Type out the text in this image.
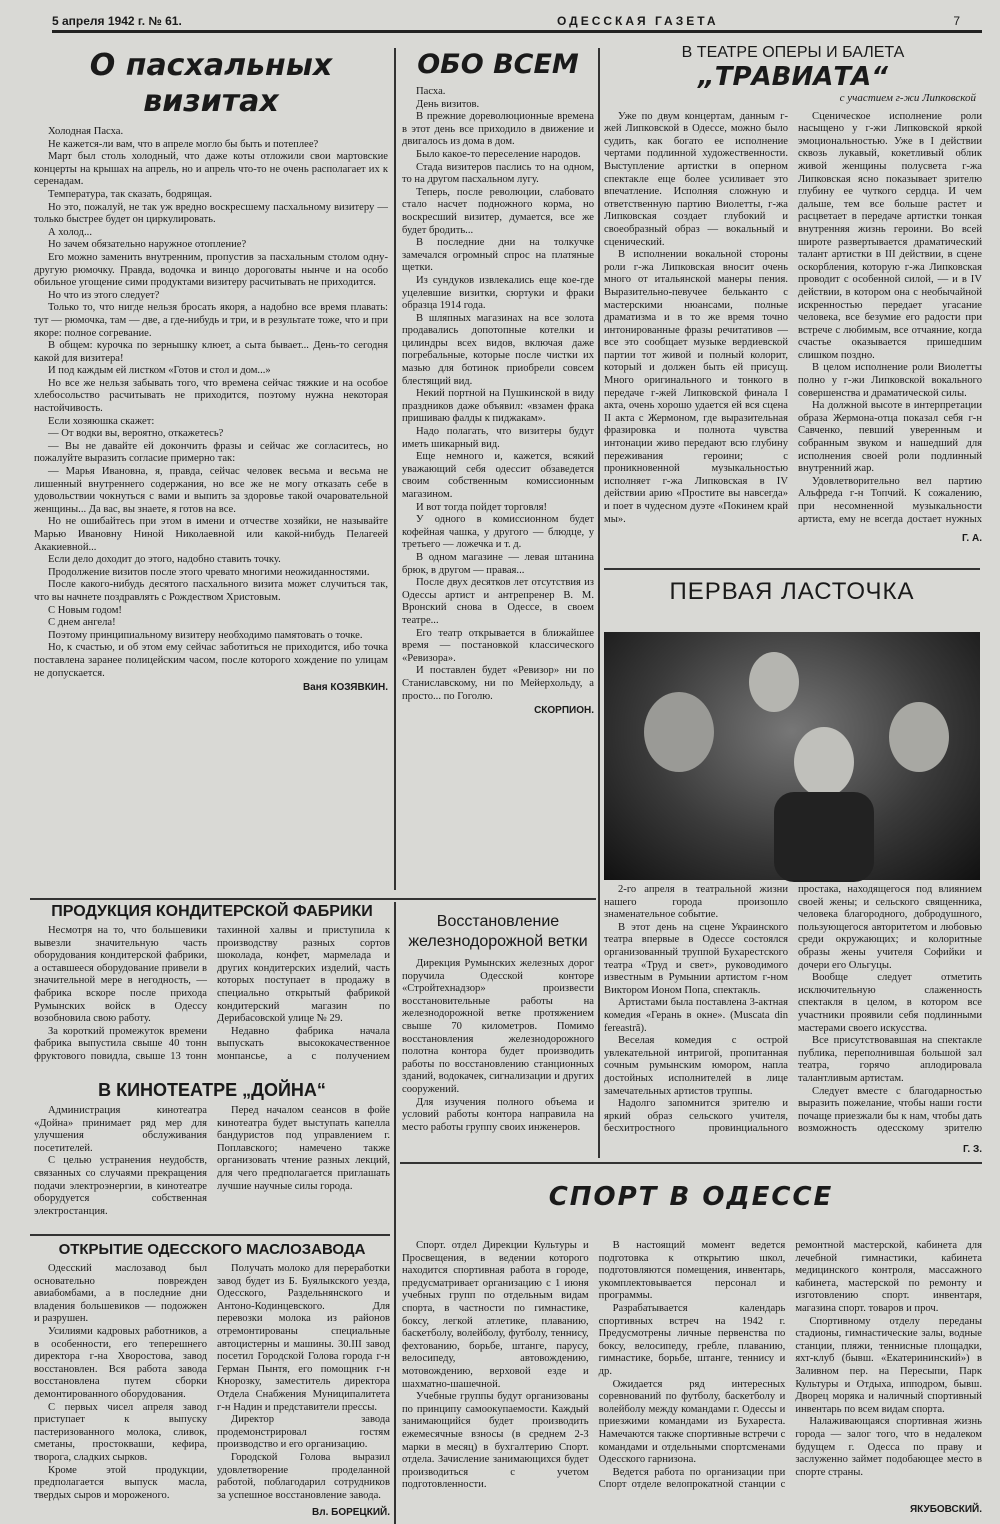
5 апреля 1942 г. № 61.	ОДЕССКАЯ ГАЗЕТА	7
О пасхальных визитах

Холодная Пасха.

Не кажется-ли вам, что в апреле могло бы быть и потеплее?

Март был столь холодный, что даже коты отложили свои мартовские концерты на крышах на апрель, но и апрель что-то не очень располагает их к серенадам.

Температура, так сказать, бодрящая.

Но это, пожалуй, не так уж вредно воскресшему пасхальному визитеру — только быстрее будет он циркулировать.

А холод...

Но зачем обязательно наружное отопление?

Его можно заменить внутренним, пропустив за пасхальным столом одну-другую рюмочку. Правда, водочка и винцо дороговаты нынче и на особо обильное угощение сими продуктами визитеру расчитывать не приходится.

Но что из этого следует?

Только то, что нигде нельзя бросать якоря, а надобно все время плавать: тут — рюмочка, там — две, а где-нибудь и три, и в результате тоже, что и при якоре: полное согревание.

В общем: курочка по зернышку клюет, а сыта бывает... День-то сегодня какой для визитера!

И под каждым ей листком «Готов и стол и дом...»

Но все же нельзя забывать того, что времена сейчас тяжкие и на особое хлебосольство расчитывать не приходится, поэтому нужна некоторая настойчивость.

Если хозяюшка скажет:

— От водки вы, вероятно, откажетесь?

— Вы не давайте ей докончить фразы и сейчас же согласитесь, но пожалуйте выразить согласие примерно так:

— Марья Ивановна, я, правда, сейчас человек весьма и весьма не лишенный внутреннего содержания, но все же не могу отказать себе в удовольствии чокнуться с вами и выпить за здоровье такой очаровательной женщины... Да вас, вы знаете, я готов на все.

Но не ошибайтесь при этом в имени и отчестве хозяйки, не называйте Марью Ивановну Ниной Николаевной или какой-нибудь Пелагеей Акакиевной...

Если дело доходит до этого, надобно ставить точку.

Продолжение визитов после этого чревато многими неожиданностями.

После какого-нибудь десятого пасхального визита может случиться так, что вы начнете поздравлять с Рождеством Христовым.

С Новым годом!

С днем ангела!

Поэтому принципиальному визитеру необходимо памятовать о точке.

Но, к счастью, и об этом ему сейчас заботиться не приходится, ибо точка поставлена заранее полицейским часом, после которого хождение по улицам не допускается.

Ваня КОЗЯВКИН.
ОБО ВСЕМ

Пасха.

День визитов.

В прежние дореволюционные времена в этот день все приходило в движение и двигалось из дома в дом.

Было какое-то переселение народов.

Стада визитеров паслись то на одном, то на другом пасхальном лугу.

Теперь, после революции, слабовато стало насчет подножного корма, но воскресший визитер, думается, все же будет бродить...

В последние дни на толкучке замечался огромный спрос на платяные щетки.

Из сундуков извлекались еще кое-где уцелевшие визитки, сюртуки и фраки образца 1914 года.

В шляпных магазинах на все золота продавались допотопные котелки и цилиндры всех видов, включая даже погребальные, которые после чистки их мазью для ботинок приобрели совсем блестящий вид.

Некий портной на Пушкинской в виду праздников даже объявил: «взамен фрака пришиваю фалды к пиджакам».

Надо полагать, что визитеры будут иметь шикарный вид.

Еще немного и, кажется, всякий уважающий себя одессит обзаведется своим собственным комиссионным магазином.

И вот тогда пойдет торговля!

У одного в комиссионном будет кофейная чашка, у другого — блюдце, у третьего — ложечка и т. д.

В одном магазине — левая штанина брюк, в другом — правая...

После двух десятков лет отсутствия из Одессы артист и антрепренер В. М. Вронский снова в Одессе, в своем театре...

Его театр открывается в ближайшее время — постановкой классического «Ревизора».

И поставлен будет «Ревизор» ни по Станиславскому, ни по Мейерхольду, а просто... по Гоголю.

СКОРПИОН.
В ТЕАТРЕ ОПЕРЫ И БАЛЕТА
„ТРАВИАТА“
с участием г-жи Липковской

Уже по двум концертам, данным г-жей Липковской в Одессе, можно было судить, как богато ее исполнение чертами подлинной художественности. Выступление артистки в оперном спектакле еще более усиливает это впечатление. Исполняя сложную и ответственную партию Виолетты, г-жа Липковская создает глубокий и своеобразный образ — вокальный и сценический.

В исполнении вокальной стороны роли г-жа Липковская вносит очень много от итальянской манеры пения. Выразительно-певучее бельканто с мастерскими нюансами, полные драматизма и в то же время точно интонированные фразы речитативов — все это сообщает музыке вердиевской партии тот живой и полный колорит, который и должен быть ей присущ. Много оригинального и тонкого в передаче г-жей Липковской финала I акта, очень хорошо удается ей вся сцена II акта с Жермоном, где выразительная фразировка и полнота чувства интонации живо передают всю глубину переживания героини; с проникновенной музыкальностью исполняет г-жа Липковская в IV действии арию «Простите вы навсегда» и поет в чудесном дуэте «Покинем край мы».

Сценическое исполнение роли насыщено у г-жи Липковской яркой эмоциональностью. Уже в I действии сквозь лукавый, кокетливый облик живой женщины полусвета г-жа Липковская ясно показывает зрителю глубину ее чуткого сердца. И чем дальше, тем все больше растет и расцветает в передаче артистки тонкая внутренняя жизнь героини. Во всей широте развертывается драматический талант артистки в III действии, в сцене оскорбления, которую г-жа Липковская проводит с особенной силой, — и в IV действии, в котором она с необычайной искренностью передает угасание человека, все безумие его радости при встрече с любимым, все отчаяние, когда счастье оказывается пришедшим слишком поздно.

В целом исполнение роли Виолетты полно у г-жи Липковской вокального совершенства и драматической силы.

На должной высоте в интерпретации образа Жермона-отца показал себя г-н Савченко, певший уверенным и собранным звуком и нашедший для исполнения своей роли подлинный внутренний жар.

Удовлетворительно вел партию Альфреда г-н Топчий. К сожалению, при несомненной музыкальности артиста, ему не всегда достает нужных

Г. А.
ПЕРВАЯ ЛАСТОЧКА

2-го апреля в театральной жизни нашего города произошло знаменательное событие.

В этот день на сцене Украинского театра впервые в Одессе состоялся организованный труппой Бухарестского театра «Труд и свет», руководимого известным в Румынии артистом г-ном Виктором Ионом Попа, спектакль.

Артистами была поставлена 3-актная комедия «Герань в окне». (Muscata din fereastră).

Веселая комедия с острой увлекательной интригой, пропитанная сочным румынским юмором, напла достойных исполнителей в лице замечательных артистов труппы.

Надолго запомнится зрителю и яркий образ сельского учителя, бесхитростного провинциального простака, находящегося под влиянием своей жены; и сельского священника, человека благородного, добродушного, пользующегося авторитетом и любовью среди окружающих; и колоритные образы жены учителя Софийки и дочери его Ольгуцы.

Вообще следует отметить исключительную слаженность спектакля в целом, в котором все участники проявили себя подлинными мастерами своего искусства.

Все присутствовавшая на спектакле публика, переполнившая большой зал театра, горячо аплодировала талантливым артистам.

Следует вместе с благодарностью выразить пожелание, чтобы наши гости почаще приезжали бы к нам, чтобы дать возможность одесскому зрителю

Г. З.
ПРОДУКЦИЯ КОНДИТЕРСКОЙ ФАБРИКИ

Несмотря на то, что большевики вывезли значительную часть оборудования кондитерской фабрики, а оставшееся оборудование привели в значительной мере в негодность, — фабрика вскоре после прихода Румынских войск в Одессу возобновила свою работу.

За короткий промежуток времени фабрика выпустила свыше 40 тонн фруктового повидла, свыше 13 тонн тахинной халвы и приступила к производству разных сортов шоколада, конфет, мармелада и других кондитерских изделий, часть которых поступает в продажу в специально открытый фабрикой кондитерский магазин по Дерибасовской улице № 29.

Недавно фабрика начала выпускать высококачественное монпансье, а с получением

В КИНОТЕАТРЕ „ДОЙНА“

Администрация кинотеатра «Дойна» принимает ряд мер для улучшения обслуживания посетителей.

С целью устранения неудобств, связанных со случаями прекращения подачи электроэнергии, в кинотеатре оборудуется собственная электростанция.

Перед началом сеансов в фойе кинотеатра будет выступать капелла бандуристов под управлением г. Поплавского; намечено также организовать чтение разных лекций, для чего предполагается приглашать лучшие научные силы города.

Восстановление железнодорожной ветки

Дирекция Румынских железных дорог поручила Одесской конторе «Стройтехнадзор» произвести восстановительные работы на железнодорожной ветке протяжением свыше 70 километров. Помимо восстановления железнодорожного полотна контора будет производить работы по восстановлению станционных зданий, водокачек, сигнализации и других сооружений.

Для изучения полного объема и условий работы контора направила на место работы группу своих инженеров.

СПОРТ В ОДЕССЕ
ОТКРЫТИЕ ОДЕССКОГО МАСЛОЗАВОДА

Одесский маслозавод был основательно поврежден авиабомбами, а в последние дни владения большевиков — подожжен и разрушен.

Усилиями кадровых работников, а в особенности, его теперешнего директора г-на Хворостова, завод восстановлен. Вся работа завода восстановлена путем сборки демонтированного оборудования.

С первых чисел апреля завод приступает к выпуску пастеризованного молока, сливок, сметаны, простокваши, кефира, творога, сладких сырков.

Кроме этой продукции, предполагается выпуск масла, твердых сыров и мороженого.

Получать молоко для переработки завод будет из Б. Буялыкского уезда, Одесского, Раздельнянского и Антоно-Кодинцевского. Для перевозки молока из районов отремонтированы специальные автоцистерны и машины. 30.III завод посетил Городской Голова города г-н Герман Пынтя, его помощник г-н Кнорозку, заместитель директора Отдела Снабжения Муниципалитета г-н Надин и представители прессы.

Директор завода продемонстрировал гостям производство и его организацию.

Городской Голова выразил удовлетворение проделанной работой, поблагодарил сотрудников за успешное восстановление завода.

Вл. БОРЕЦКИЙ.

Спорт. отдел Дирекции Культуры и Просвещения, в ведении которого находится спортивная работа в городе, предусматривает организацию с 1 июня учебных групп по отдельным видам спорта, в частности по гимнастике, боксу, легкой атлетике, плаванию, баскетболу, волейболу, футболу, теннису, фехтованию, борьбе, штанге, парусу, велосипеду, автовождению, мотовождению, верховой езде и шахматно-шашечной.

Учебные группы будут организованы по принципу самоокупаемости. Каждый занимающийся будет производить ежемесячные взносы (в среднем 2-3 марки в месяц) в бухгалтерию Спорт. отдела. Зачисление занимающихся будет производиться с учетом подготовленности.

В настоящий момент ведется подготовка к открытию школ, подготовляются помещения, инвентарь, укомплектовывается персонал и программы.

Разрабатывается календарь спортивных встреч на 1942 г. Предусмотрены личные первенства по боксу, велосипеду, гребле, плаванию, гимнастике, борьбе, штанге, теннису и др.

Ожидается ряд интересных соревнований по футболу, баскетболу и волейболу между командами г. Одессы и приезжими командами из Бухареста. Намечаются также спортивные встречи с командами и отдельными спортсменами Одесского гарнизона.

Ведется работа по организации при Спорт отделе велопрокатной станции с ремонтной мастерской, кабинета для лечебной гимнастики, кабинета медицинского контроля, массажного кабинета, мастерской по ремонту и изготовлению спорт. инвентаря, магазина спорт. товаров и проч.

Спортивному отделу переданы стадионы, гимнастические залы, водные станции, пляжи, теннисные площадки, яхт-клуб (бывш. «Екатерининский») в Заливном пер. на Пересыпи, Парк Культуры и Отдыха, ипподром, бывш. Дворец моряка и наличный спортивный инвентарь по всем видам спорта.

Налаживающаяся спортивная жизнь города — залог того, что в недалеком будущем г. Одесса по праву и заслуженно займет подобающее место в спорте страны.

ЯКУБОВСКИЙ.
